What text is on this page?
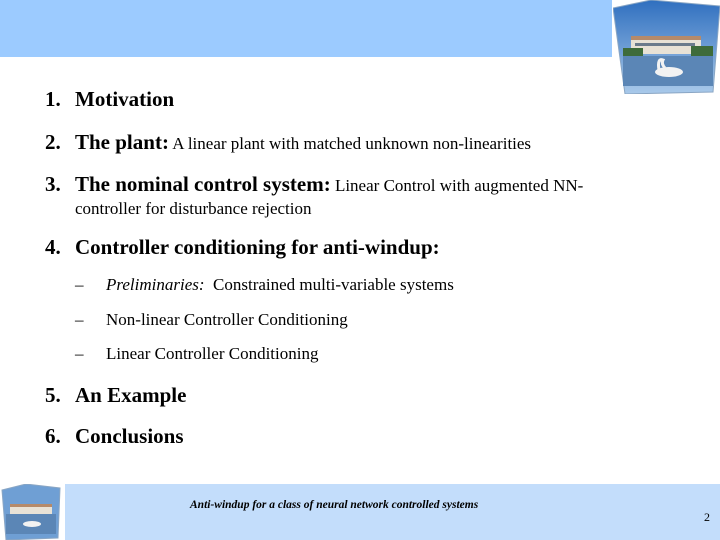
1. Motivation
2. The plant: A linear plant with matched unknown non-linearities
3. The nominal control system: Linear Control with augmented NN-
controller for disturbance rejection
4. Controller conditioning for anti-windup:
– Preliminaries:  Constrained multi-variable systems
– Non-linear Controller Conditioning
– Linear Controller Conditioning
5. An Example
6. Conclusions
Anti-windup for a class of neural network controlled systems
2
